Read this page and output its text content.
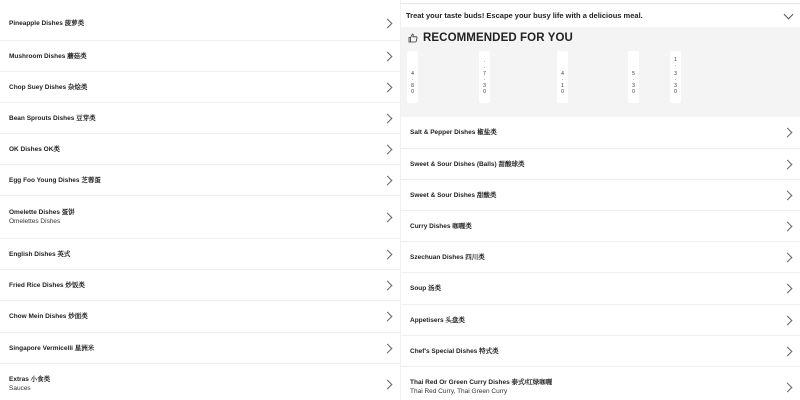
Pineapple Dishes 菠萝类
Mushroom Dishes 蘑菇类
Chop Suey Dishes 杂烩类
Bean Sprouts Dishes 豆芽类
OK Dishes OK类
Egg Foo Young Dishes 芝蓉蛋
Omelette Dishes 蛋饼
Omelettes Dishes
English Dishes 英式
Fried Rice Dishes 炒饭类
Chow Mein Dishes 炒面类
Singapore Vermicelli 星洲米
Extras 小食类
Sauces
Treat your taste buds! Escape your busy life with a delicious meal.
RECOMMENDED FOR YOU
4
·
8
0
·
·
7
·
3
0
4
·
1
0
5
·
3
0
1
·
3
·
3
0
Salt & Pepper Dishes 椒盐类
Sweet & Sour Dishes (Balls) 甜酸球类
Sweet & Sour Dishes 甜酸类
Curry Dishes 咖喱类
Szechuan Dishes 四川类
Soup 汤类
Appetisers 头盘类
Chef's Special Dishes 特式类
Thai Red Or Green Curry Dishes 泰式/红绿咖喱
Thai Red Curry, Thai Green Curry
